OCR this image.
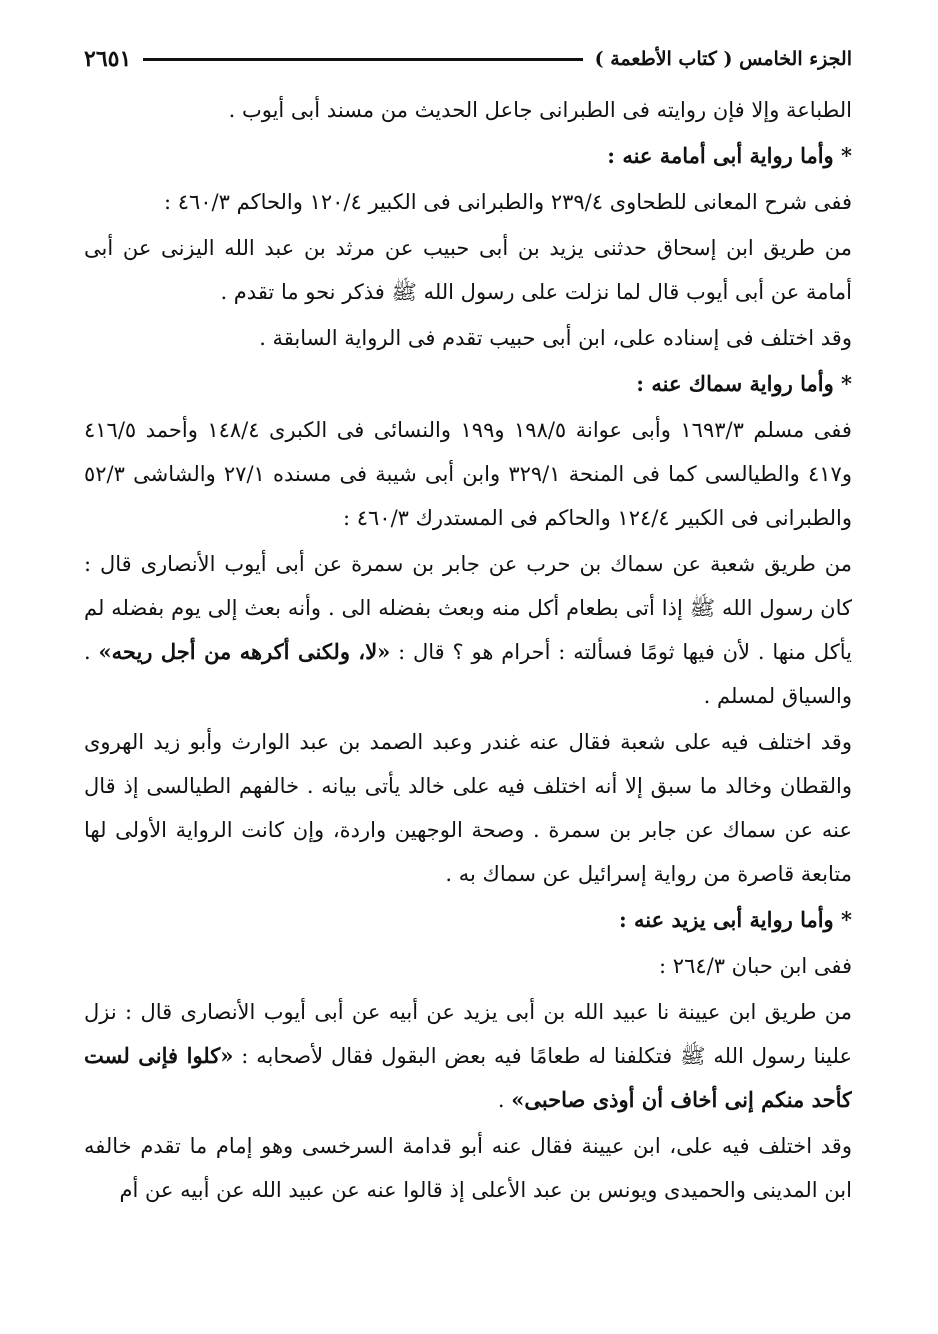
الجزء الخامس ( كتاب الأطعمة )
٢٦٥١

الطباعة وإلا فإن روايته فى الطبرانى جاعل الحديث من مسند أبى أيوب .

* وأما رواية أبى أمامة عنه :

ففى شرح المعانى للطحاوى ٢٣٩/٤ والطبرانى فى الكبير ١٢٠/٤ والحاكم ٤٦٠/٣ :

من طريق ابن إسحاق حدثنى يزيد بن أبى حبيب عن مرثد بن عبد الله اليزنى عن أبى أمامة عن أبى أيوب قال لما نزلت على رسول الله ﷺ فذكر نحو ما تقدم .

وقد اختلف فى إسناده على، ابن أبى حبيب تقدم فى الرواية السابقة .

* وأما رواية سماك عنه :

ففى مسلم ١٦٩٣/٣ وأبى عوانة ١٩٨/٥ و١٩٩ والنسائى فى الكبرى ١٤٨/٤ وأحمد ٤١٦/٥ و٤١٧ والطيالسى كما فى المنحة ٣٢٩/١ وابن أبى شيبة فى مسنده ٢٧/١ والشاشى ٥٢/٣ والطبرانى فى الكبير ١٢٤/٤ والحاكم فى المستدرك ٤٦٠/٣ :

من طريق شعبة عن سماك بن حرب عن جابر بن سمرة عن أبى أيوب الأنصارى قال : كان رسول الله ﷺ إذا أتى بطعام أكل منه وبعث بفضله الى . وأنه بعث إلى يوم بفضله لم يأكل منها . لأن فيها ثومًا فسألته : أحرام هو ؟ قال : «لا، ولكنى أكرهه من أجل ريحه» . والسياق لمسلم .

وقد اختلف فيه على شعبة فقال عنه غندر وعبد الصمد بن عبد الوارث وأبو زيد الهروى والقطان وخالد ما سبق إلا أنه اختلف فيه على خالد يأتى بيانه . خالفهم الطيالسى إذ قال عنه عن سماك عن جابر بن سمرة . وصحة الوجهين واردة، وإن كانت الرواية الأولى لها متابعة قاصرة من رواية إسرائيل عن سماك به .

* وأما رواية أبى يزيد عنه :

ففى ابن حبان ٢٦٤/٣ :

من طريق ابن عيينة نا عبيد الله بن أبى يزيد عن أبيه عن أبى أيوب الأنصارى قال : نزل علينا رسول الله ﷺ فتكلفنا له طعامًا فيه بعض البقول فقال لأصحابه : «كلوا فإنى لست كأحد منكم إنى أخاف أن أوذى صاحبى» .

وقد اختلف فيه على، ابن عيينة فقال عنه أبو قدامة السرخسى وهو إمام ما تقدم خالفه ابن المدينى والحميدى ويونس بن عبد الأعلى إذ قالوا عنه عن عبيد الله عن أبيه عن أم
